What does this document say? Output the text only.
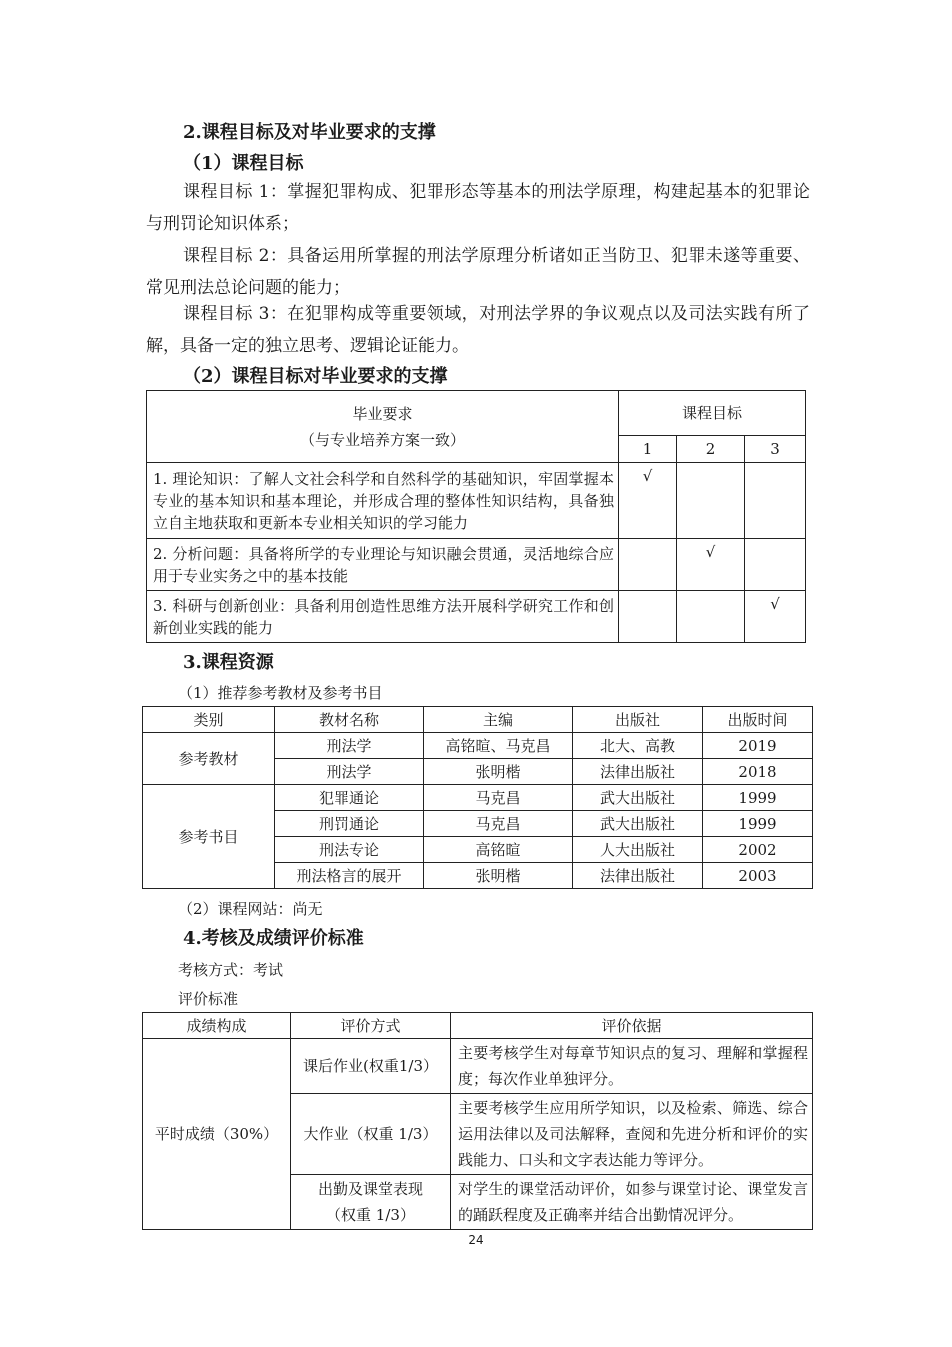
2.课程目标及对毕业要求的支撑
（1）课程目标
课程目标 1：掌握犯罪构成、犯罪形态等基本的刑法学原理，构建起基本的犯罪论与刑罚论知识体系；
课程目标 2：具备运用所掌握的刑法学原理分析诸如正当防卫、犯罪未遂等重要、常见刑法总论问题的能力；
课程目标 3：在犯罪构成等重要领域，对刑法学界的争议观点以及司法实践有所了解，具备一定的独立思考、逻辑论证能力。
（2）课程目标对毕业要求的支撑
毕业要求
（与专业培养方案一致）	课程目标		
	1	2	3
1. 理论知识：了解人文社会科学和自然科学的基础知识，牢固掌握本专业的基本知识和基本理论，并形成合理的整体性知识结构，具备独立自主地获取和更新本专业相关知识的学习能力	√		
2. 分析问题：具备将所学的专业理论与知识融会贯通，灵活地综合应用于专业实务之中的基本技能		√	
3. 科研与创新创业：具备利用创造性思维方法开展科学研究工作和创新创业实践的能力			√
3.课程资源
（1）推荐参考教材及参考书目
类别	教材名称	主编	出版社	出版时间
参考教材	刑法学	高铭暄、马克昌	北大、高教	2019
	刑法学	张明楷	法律出版社	2018
参考书目	犯罪通论	马克昌	武大出版社	1999
	刑罚通论	马克昌	武大出版社	1999
	刑法专论	高铭暄	人大出版社	2002
	刑法格言的展开	张明楷	法律出版社	2003
（2）课程网站：尚无
4.考核及成绩评价标准
考核方式：考试
评价标准
成绩构成	评价方式	评价依据
平时成绩（30%）	课后作业(权重1/3）	主要考核学生对每章节知识点的复习、理解和掌握程度；每次作业单独评分。
	大作业（权重 1/3）	主要考核学生应用所学知识，以及检索、筛选、综合运用法律以及司法解释，查阅和先进分析和评价的实践能力、口头和文字表达能力等评分。

	出勤及课堂表现
（权重 1/3）	对学生的课堂活动评价，如参与课堂讨论、课堂发言的踊跃程度及正确率并结合出勤情况评分。
24
